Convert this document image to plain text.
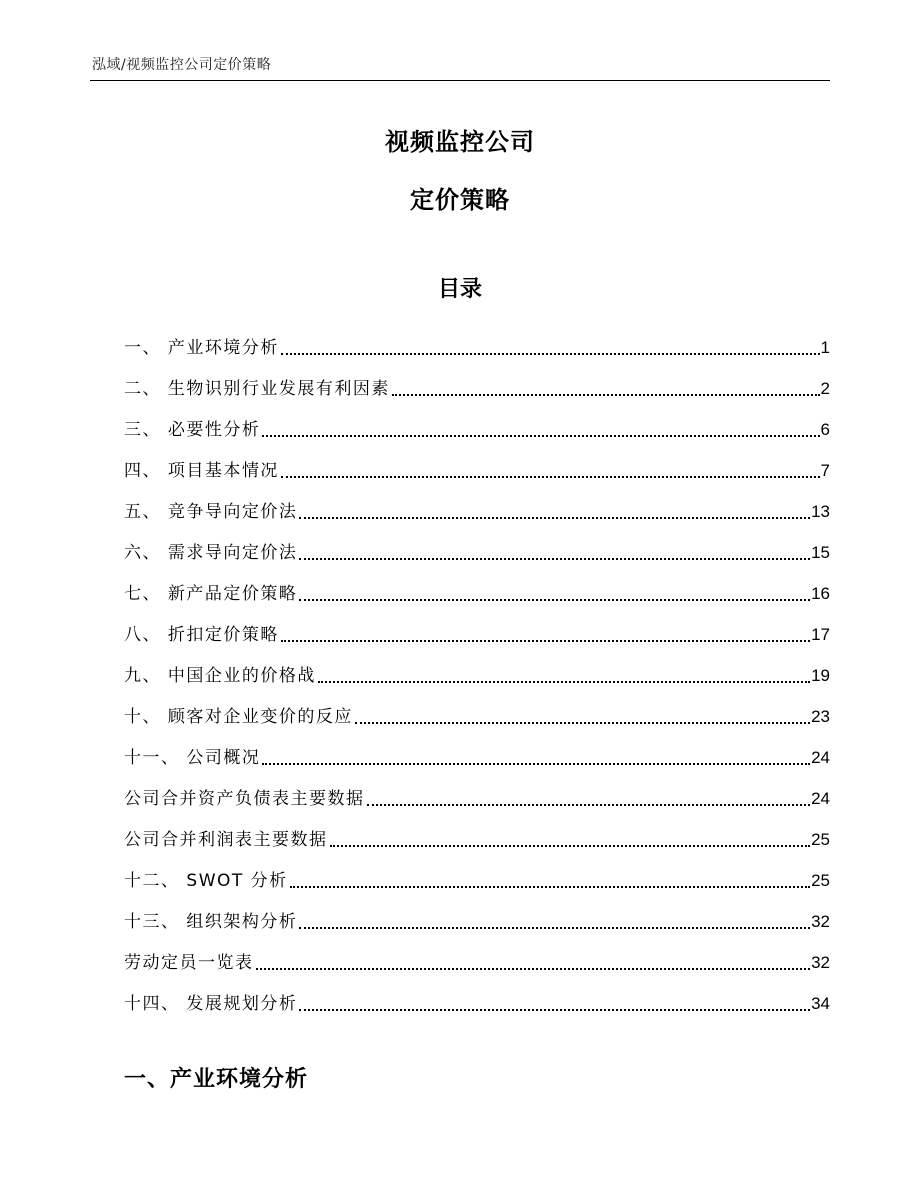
泓域/视频监控公司定价策略
视频监控公司
定价策略
目录
一、 产业环境分析	1
二、 生物识别行业发展有利因素	2
三、 必要性分析	6
四、 项目基本情况	7
五、 竞争导向定价法	13
六、 需求导向定价法	15
七、 新产品定价策略	16
八、 折扣定价策略	17
九、 中国企业的价格战	19
十、 顾客对企业变价的反应	23
十一、 公司概况	24
公司合并资产负债表主要数据	24
公司合并利润表主要数据	25
十二、 SWOT 分析	25
十三、 组织架构分析	32
劳动定员一览表	32
十四、 发展规划分析	34
一、产业环境分析
